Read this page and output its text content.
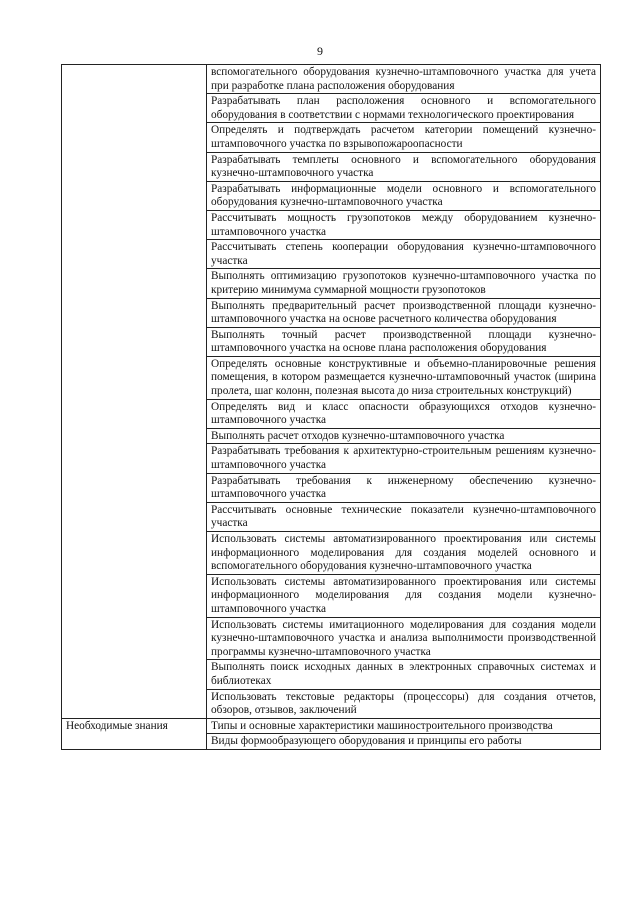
9
	вспомогательного оборудования кузнечно-штамповочного участка для учета при разработке плана расположения оборудования
	Разрабатывать план расположения основного и вспомогательного оборудования в соответствии с нормами технологического проектирования
	Определять и подтверждать расчетом категории помещений кузнечно-штамповочного участка по взрывопожароопасности
	Разрабатывать темплеты основного и вспомогательного оборудования кузнечно-штамповочного участка
	Разрабатывать информационные модели основного и вспомогательного оборудования кузнечно-штамповочного участка
	Рассчитывать мощность грузопотоков между оборудованием кузнечно-штамповочного участка
	Рассчитывать степень кооперации оборудования кузнечно-штамповочного участка
	Выполнять оптимизацию грузопотоков кузнечно-штамповочного участка по критерию минимума суммарной мощности грузопотоков
	Выполнять предварительный расчет производственной площади кузнечно-штамповочного участка на основе расчетного количества оборудования
	Выполнять точный расчет производственной площади кузнечно-штамповочного участка на основе плана расположения оборудования
	Определять основные конструктивные и объемно-планировочные решения помещения, в котором размещается кузнечно-штамповочный участок (ширина пролета, шаг колонн, полезная высота до низа строительных конструкций)
	Определять вид и класс опасности образующихся отходов кузнечно-штамповочного участка
	Выполнять расчет отходов кузнечно-штамповочного участка
	Разрабатывать требования к архитектурно-строительным решениям кузнечно-штамповочного участка
	Разрабатывать требования к инженерному обеспечению кузнечно-штамповочного участка
	Рассчитывать основные технические показатели кузнечно-штамповочного участка
	Использовать системы автоматизированного проектирования или системы информационного моделирования для создания моделей основного и вспомогательного оборудования кузнечно-штамповочного участка
	Использовать системы автоматизированного проектирования или системы информационного моделирования для создания модели кузнечно-штамповочного участка
	Использовать системы имитационного моделирования для создания модели кузнечно-штамповочного участка и анализа выполнимости производственной программы кузнечно-штамповочного участка
	Выполнять поиск исходных данных в электронных справочных системах и библиотеках
	Использовать текстовые редакторы (процессоры) для создания отчетов, обзоров, отзывов, заключений
Необходимые знания	Типы и основные характеристики машиностроительного производства
	Виды формообразующего оборудования и принципы его работы
